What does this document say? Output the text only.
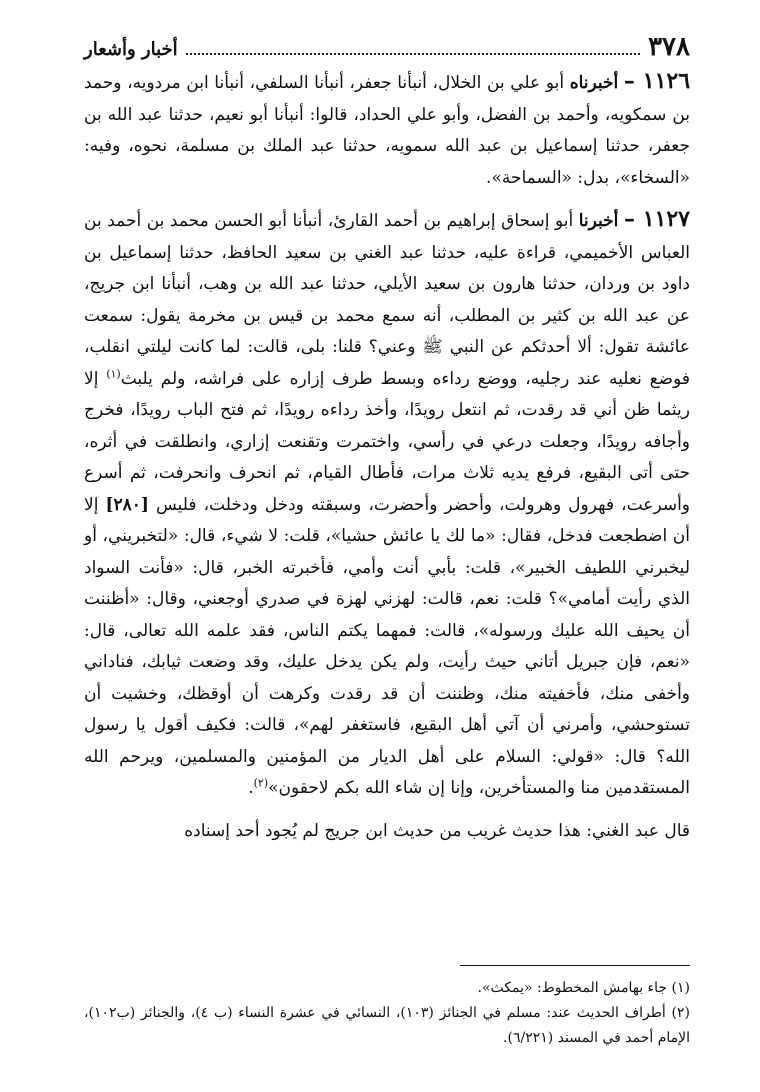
٣٧٨
أخبار وأشعار

١١٢٦ – أخبرناه أبو علي بن الخلال، أنبأنا جعفر، أنبأنا السلفي، أنبأنا ابن مردويه، وحمد بن سمكويه، وأحمد بن الفضل، وأبو علي الحداد، قالوا: أنبأنا أبو نعيم، حدثنا عبد الله بن جعفر، حدثنا إسماعيل بن عبد الله سمويه، حدثنا عبد الملك بن مسلمة، نحوه، وفيه: «السخاء»، بدل: «السماحة».

١١٢٧ – أخبرنا أبو إسحاق إبراهيم بن أحمد القارئ، أنبأنا أبو الحسن محمد بن أحمد بن العباس الأخميمي، قراءة عليه، حدثنا عبد الغني بن سعيد الحافظ، حدثنا إسماعيل بن داود بن وردان، حدثنا هارون بن سعيد الأيلي، حدثنا عبد الله بن وهب، أنبأنا ابن جريج، عن عبد الله بن كثير بن المطلب، أنه سمع محمد بن قيس بن مخرمة يقول: سمعت عائشة تقول: ألا أحدثكم عن النبي ﷺ وعني؟ قلنا: بلى، قالت: لما كانت ليلتي انقلب، فوضع نعليه عند رجليه، ووضع رداءه وبسط طرف إزاره على فراشه، ولم يلبث$^{(١)}$ إلا ريثما ظن أني قد رقدت، ثم انتعل رويدًا، وأخذ رداءه رويدًا، ثم فتح الباب رويدًا، فخرج وأجافه رويدًا، وجعلت درعي في رأسي، واختمرت وتقنعت إزاري، وانطلقت في أثره، حتى أتى البقيع، فرفع يديه ثلاث مرات، فأطال القيام، ثم انحرف وانحرفت، ثم أسرع وأسرعت، فهرول وهرولت، وأحضر وأحضرت، وسبقته ودخل ودخلت، فليس [٢٨٠] إلا أن اضطجعت فدخل، فقال: «ما لك يا عائش حشيا»، قلت: لا شيء، قال: «لتخبريني، أو ليخبرني اللطيف الخبير»، قلت: بأبي أنت وأمي، فأخبرته الخبر، قال: «فأنت السواد الذي رأيت أمامي»؟ قلت: نعم، قالت: لهزني لهزة في صدري أوجعني، وقال: «أظننت أن يحيف الله عليك ورسوله»، قالت: فمهما يكتم الناس، فقد علمه الله تعالى، قال: «نعم، فإن جبريل أتاني حيث رأيت، ولم يكن يدخل عليك، وقد وضعت ثيابك، فناداني وأخفى منك، فأخفيته منك، وظننت أن قد رقدت وكرهت أن أوقظك، وخشيت أن تستوحشي، وأمرني أن آتي أهل البقيع، فاستغفر لهم»، قالت: فكيف أقول يا رسول الله؟ قال: «قولي: السلام على أهل الديار من المؤمنين والمسلمين، ويرحم الله المستقدمين منا والمستأخرين، وإنا إن شاء الله بكم لاحقون»$^{(٢)}$.

قال عبد الغني: هذا حديث غريب من حديث ابن جريج لم يُجود أحد إسناده

(١) جاء بهامش المخطوط: «يمكث».

(٢) أطراف الحديث عند: مسلم في الجنائز (١٠٣)، النسائي في عشرة النساء (ب ٤)، والجنائز (ب١٠٢)، الإمام أحمد في المسند (٦/٢٢١).
